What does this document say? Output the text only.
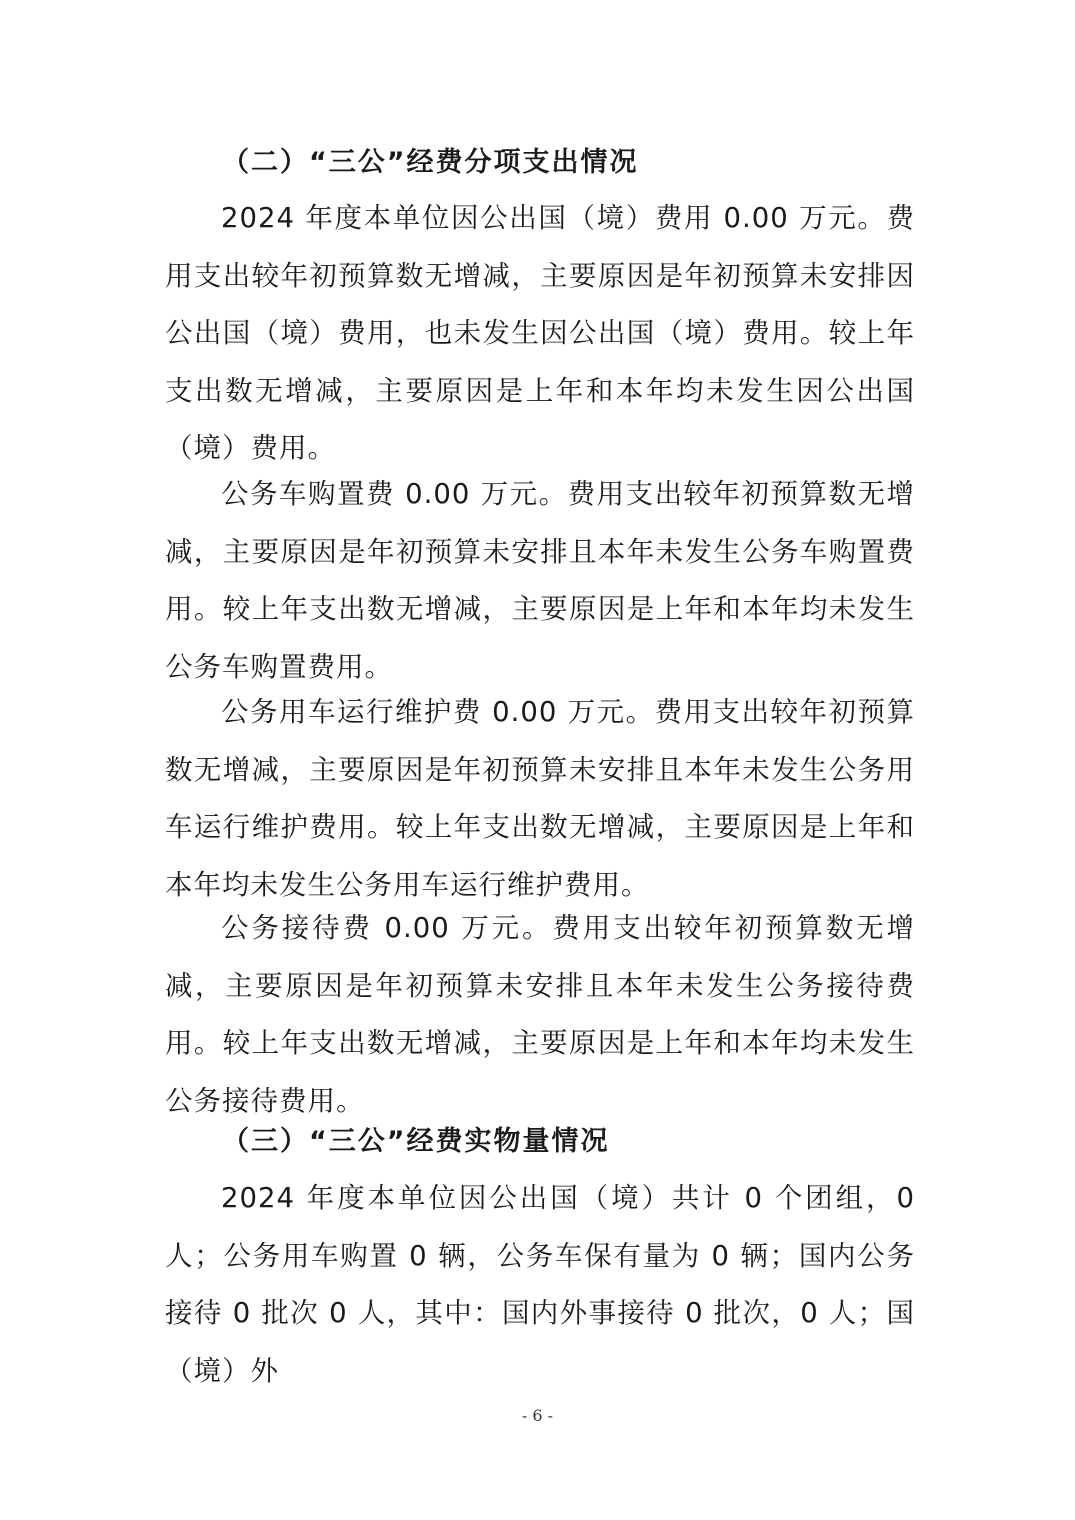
（二）“三公”经费分项支出情况

2024 年度本单位因公出国（境）费用 0.00 万元。费用支出较年初预算数无增减，主要原因是年初预算未安排因公出国（境）费用，也未发生因公出国（境）费用。较上年支出数无增减，主要原因是上年和本年均未发生因公出国（境）费用。

公务车购置费 0.00 万元。费用支出较年初预算数无增减，主要原因是年初预算未安排且本年未发生公务车购置费用。较上年支出数无增减，主要原因是上年和本年均未发生公务车购置费用。

公务用车运行维护费 0.00 万元。费用支出较年初预算数无增减，主要原因是年初预算未安排且本年未发生公务用车运行维护费用。较上年支出数无增减，主要原因是上年和本年均未发生公务用车运行维护费用。

公务接待费 0.00 万元。费用支出较年初预算数无增减，主要原因是年初预算未安排且本年未发生公务接待费用。较上年支出数无增减，主要原因是上年和本年均未发生公务接待费用。

（三）“三公”经费实物量情况

2024 年度本单位因公出国（境）共计 0 个团组，0 人；公务用车购置 0 辆，公务车保有量为 0 辆；国内公务接待 0 批次 0 人，其中：国内外事接待 0 批次，0 人；国（境）外

- 6 -
